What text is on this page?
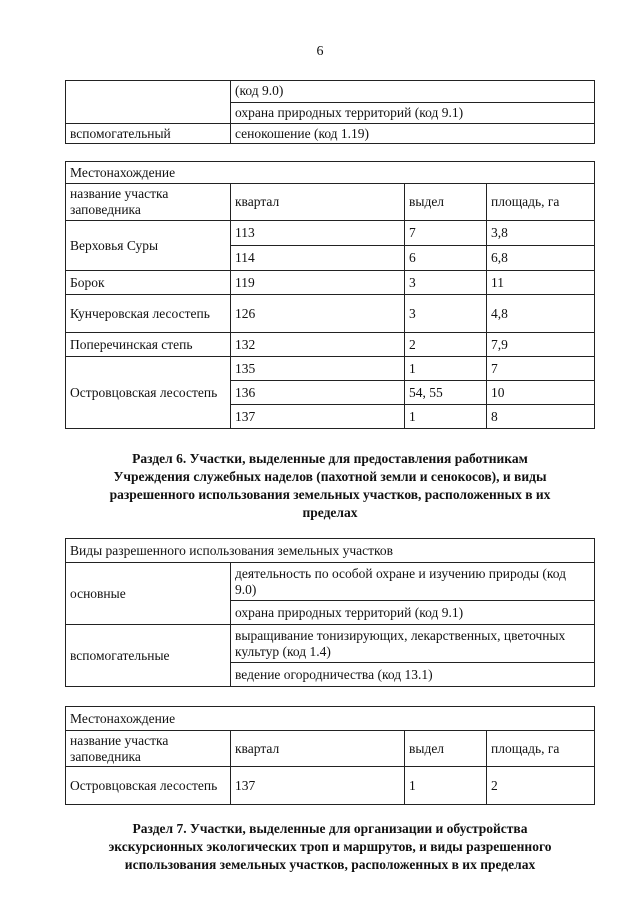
6
	(код 9.0)
	охрана природных территорий (код 9.1)
вспомогательный	сенокошение (код 1.19)
Местонахождение			
название участка заповедника	квартал	выдел	площадь, га
Верховья Суры	113	7	3,8
	114	6	6,8
Борок	119	3	11
Кунчеровская лесостепь	126	3	4,8
Поперечинская степь	132	2	7,9
Островцовская лесостепь	135	1	7
	136	54, 55	10
	137	1	8
Раздел 6. Участки, выделенные для предоставления работникам
Учреждения служебных наделов (пахотной земли и сенокосов), и виды
разрешенного использования земельных участков, расположенных в их
пределах
Виды разрешенного использования земельных участков	
основные	деятельность по особой охране и изучению природы (код 9.0)
	охрана природных территорий (код 9.1)
вспомогательные	выращивание тонизирующих, лекарственных, цветочных культур (код 1.4)
	ведение огородничества (код 13.1)
Местонахождение			
название участка заповедника	квартал	выдел	площадь, га
Островцовская лесостепь	137	1	2
Раздел 7. Участки, выделенные для организации и обустройства
экскурсионных экологических троп и маршрутов, и виды разрешенного
использования земельных участков, расположенных в их пределах
